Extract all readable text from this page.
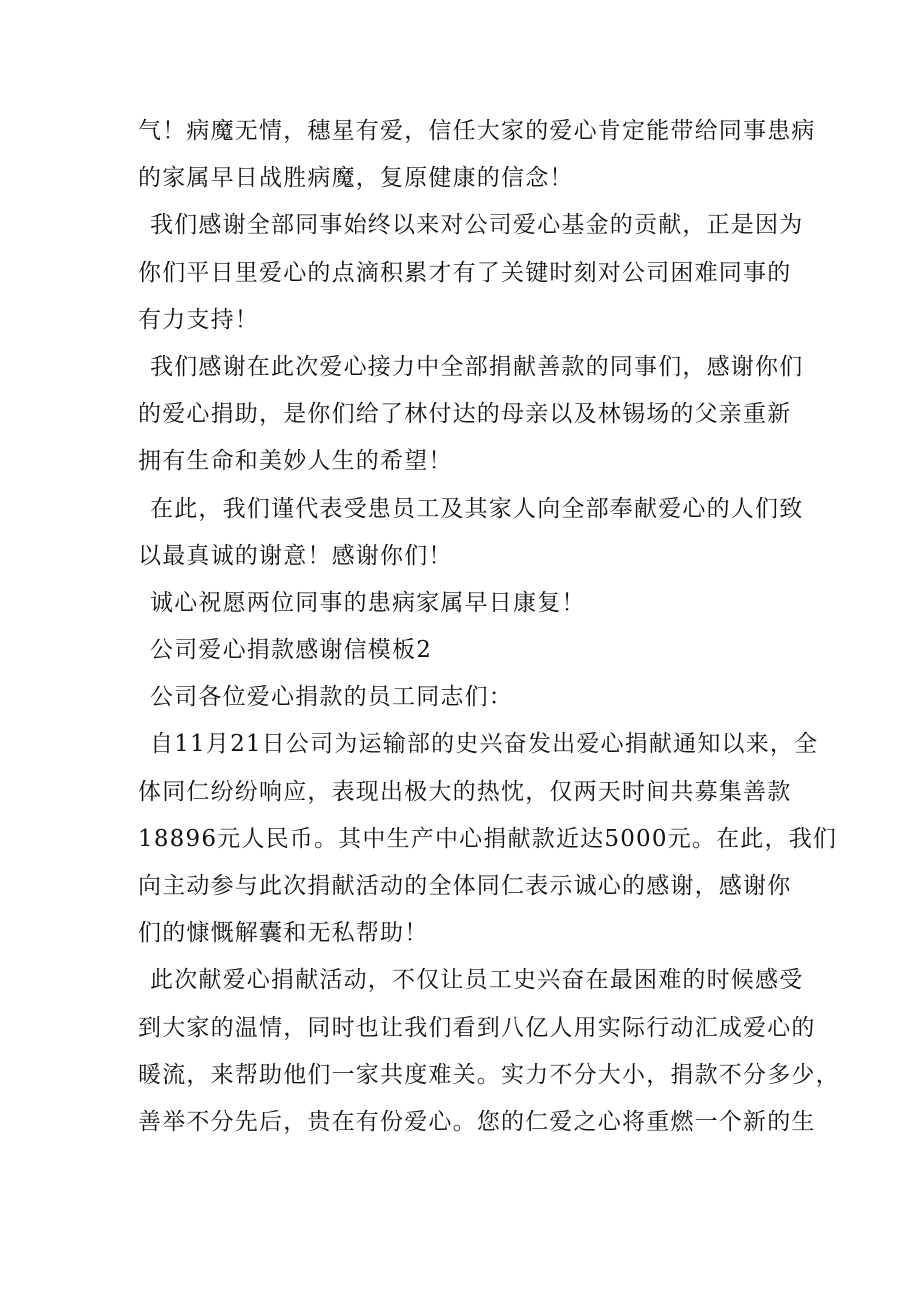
气！病魔无情，穗星有爱，信任大家的爱心肯定能带给同事患病
的家属早日战胜病魔，复原健康的信念！

我们感谢全部同事始终以来对公司爱心基金的贡献，正是因为
你们平日里爱心的点滴积累才有了关键时刻对公司困难同事的
有力支持！

我们感谢在此次爱心接力中全部捐献善款的同事们，感谢你们
的爱心捐助，是你们给了林付达的母亲以及林锡场的父亲重新
拥有生命和美妙人生的希望！

在此，我们谨代表受患员工及其家人向全部奉献爱心的人们致
以最真诚的谢意！感谢你们！

诚心祝愿两位同事的患病家属早日康复！

公司爱心捐款感谢信模板2

公司各位爱心捐款的员工同志们：

自11月21日公司为运输部的史兴奋发出爱心捐献通知以来，全
体同仁纷纷响应，表现出极大的热忱，仅两天时间共募集善款
18896元人民币。其中生产中心捐献款近达5000元。在此，我们
向主动参与此次捐献活动的全体同仁表示诚心的感谢，感谢你
们的慷慨解囊和无私帮助！

此次献爱心捐献活动，不仅让员工史兴奋在最困难的时候感受
到大家的温情，同时也让我们看到八亿人用实际行动汇成爱心的
暖流，来帮助他们一家共度难关。实力不分大小，捐款不分多少，
善举不分先后，贵在有份爱心。您的仁爱之心将重燃一个新的生
